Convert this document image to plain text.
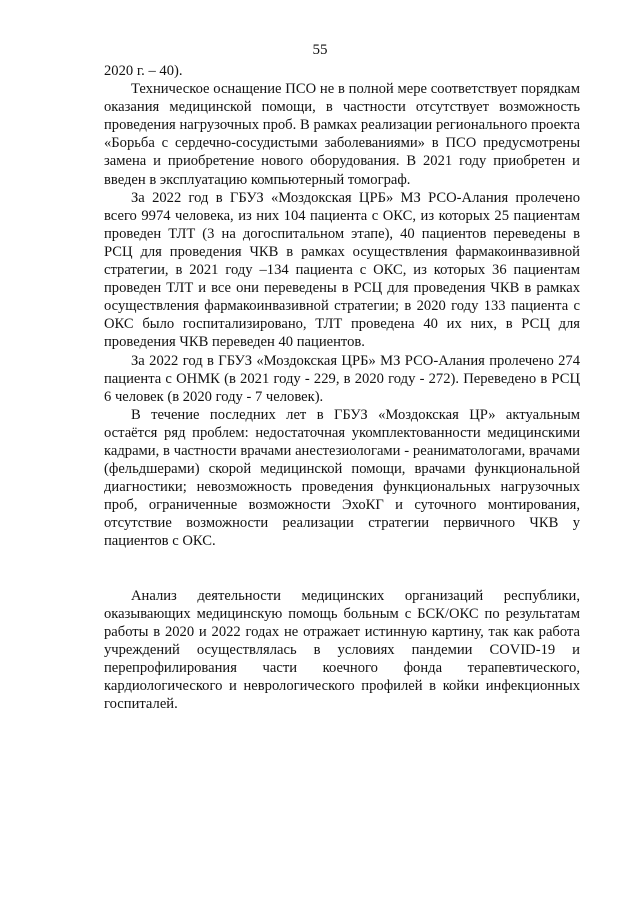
55

2020 г. – 40).

Техническое оснащение ПСО не в полной мере соответствует порядкам оказания медицинской помощи, в частности отсутствует возможность проведения нагрузочных проб. В рамках реализации регионального проекта «Борьба с сердечно-сосудистыми заболеваниями» в ПСО предусмотрены замена и приобретение нового оборудования. В 2021 году приобретен и введен в эксплуатацию компьютерный томограф.

За 2022 год в ГБУЗ «Моздокская ЦРБ» МЗ РСО-Алания пролечено всего 9974 человека, из них 104 пациента с ОКС, из которых 25 пациентам проведен ТЛТ (3 на догоспитальном этапе), 40 пациентов переведены в РСЦ для проведения ЧКВ в рамках осуществления фармакоинвазивной стратегии, в 2021 году –134 пациента с ОКС, из которых 36 пациентам проведен ТЛТ и все они переведены в РСЦ для проведения ЧКВ в рамках осуществления фармакоинвазивной стратегии; в 2020 году 133 пациента с ОКС было госпитализировано, ТЛТ проведена 40 их них, в РСЦ для проведения ЧКВ переведен 40 пациентов.

За 2022 год в ГБУЗ «Моздокская ЦРБ» МЗ РСО-Алания пролечено 274 пациента с ОНМК (в 2021 году - 229, в 2020 году - 272). Переведено в РСЦ 6 человек (в 2020 году - 7 человек).

В течение последних лет в ГБУЗ «Моздокская ЦР» актуальным остаётся ряд проблем: недостаточная укомплектованности медицинскими кадрами, в частности врачами анестезиологами - реаниматологами, врачами (фельдшерами) скорой медицинской помощи, врачами функциональной диагностики; невозможность проведения функциональных нагрузочных проб, ограниченные возможности ЭхоКГ и суточного монтирования, отсутствие возможности реализации стратегии первичного ЧКВ у пациентов с ОКС.

Анализ деятельности медицинских организаций республики, оказывающих медицинскую помощь больным с БСК/ОКС по результатам работы в 2020 и 2022 годах не отражает истинную картину, так как работа учреждений осуществлялась в условиях пандемии COVID-19 и перепрофилирования части коечного фонда терапевтического, кардиологического и неврологического профилей в койки инфекционных госпиталей.
